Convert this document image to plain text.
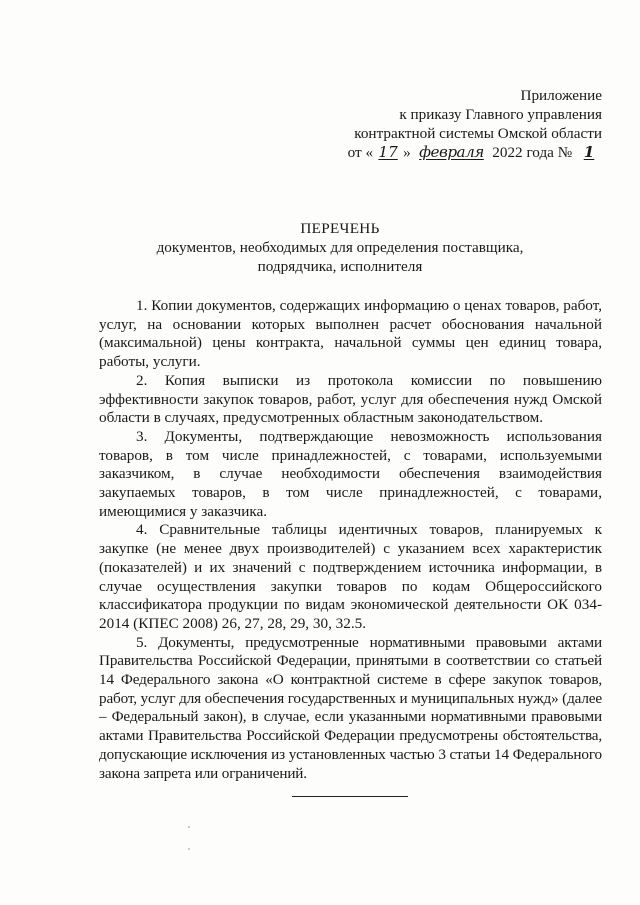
Приложение
к приказу Главного управления
контрактной системы Омской области
от « 17 » февраля 2022 года № 1
ПЕРЕЧЕНЬ
документов, необходимых для определения поставщика,
подрядчика, исполнителя

1. Копии документов, содержащих информацию о ценах товаров, работ, услуг, на основании которых выполнен расчет обоснования начальной (максимальной) цены контракта, начальной суммы цен единиц товара, работы, услуги.

2. Копия выписки из протокола комиссии по повышению эффективности закупок товаров, работ, услуг для обеспечения нужд Омской области в случаях, предусмотренных областным законодательством.

3. Документы, подтверждающие невозможность использования товаров, в том числе принадлежностей, с товарами, используемыми заказчиком, в случае необходимости обеспечения взаимодействия закупаемых товаров, в том числе принадлежностей, с товарами, имеющимися у заказчика.

4. Сравнительные таблицы идентичных товаров, планируемых к закупке (не менее двух производителей) с указанием всех характеристик (показателей) и их значений с подтверждением источника информации, в случае осуществления закупки товаров по кодам Общероссийского классификатора продукции по видам экономической деятельности ОК 034-2014 (КПЕС 2008) 26, 27, 28, 29, 30, 32.5.

5. Документы, предусмотренные нормативными правовыми актами Правительства Российской Федерации, принятыми в соответствии со статьей 14 Федерального закона «О контрактной системе в сфере закупок товаров, работ, услуг для обеспечения государственных и муниципальных нужд» (далее – Федеральный закон), в случае, если указанными нормативными правовыми актами Правительства Российской Федерации предусмотрены обстоятельства, допускающие исключения из установленных частью 3 статьи 14 Федерального закона запрета или ограничений.
